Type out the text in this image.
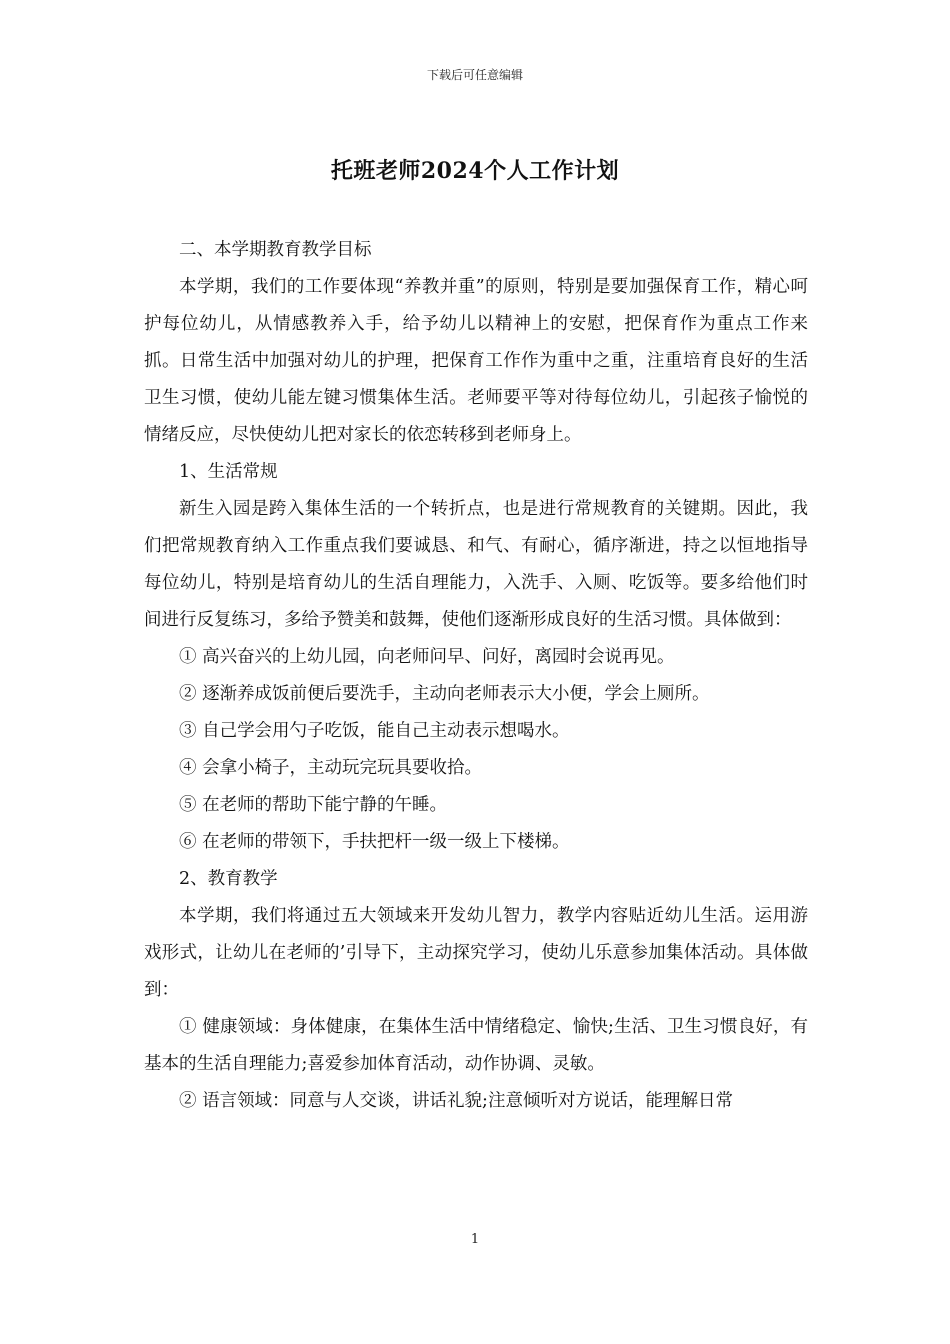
下载后可任意编辑
托班老师2024个人工作计划

二、本学期教育教学目标

本学期，我们的工作要体现“养教并重”的原则，特别是要加强保育工作，精心呵护每位幼儿，从情感教养入手，给予幼儿以精神上的安慰，把保育作为重点工作来抓。日常生活中加强对幼儿的护理，把保育工作作为重中之重，注重培育良好的生活卫生习惯，使幼儿能左键习惯集体生活。老师要平等对待每位幼儿，引起孩子愉悦的情绪反应，尽快使幼儿把对家长的依恋转移到老师身上。

1、生活常规

新生入园是跨入集体生活的一个转折点，也是进行常规教育的关键期。因此，我们把常规教育纳入工作重点我们要诚恳、和气、有耐心，循序渐进，持之以恒地指导每位幼儿，特别是培育幼儿的生活自理能力，入洗手、入厕、吃饭等。要多给他们时间进行反复练习，多给予赞美和鼓舞，使他们逐渐形成良好的生活习惯。具体做到：

① 高兴奋兴的上幼儿园，向老师问早、问好，离园时会说再见。

② 逐渐养成饭前便后要洗手，主动向老师表示大小便，学会上厕所。

③ 自己学会用勺子吃饭，能自己主动表示想喝水。

④ 会拿小椅子，主动玩完玩具要收拾。

⑤ 在老师的帮助下能宁静的午睡。

⑥ 在老师的带领下，手扶把杆一级一级上下楼梯。

2、教育教学

本学期，我们将通过五大领域来开发幼儿智力，教学内容贴近幼儿生活。运用游戏形式，让幼儿在老师的’引导下，主动探究学习，使幼儿乐意参加集体活动。具体做到：

① 健康领域：身体健康，在集体生活中情绪稳定、愉快;生活、卫生习惯良好，有基本的生活自理能力;喜爱参加体育活动，动作协调、灵敏。

② 语言领域：同意与人交谈，讲话礼貌;注意倾听对方说话，能理解日常

1
